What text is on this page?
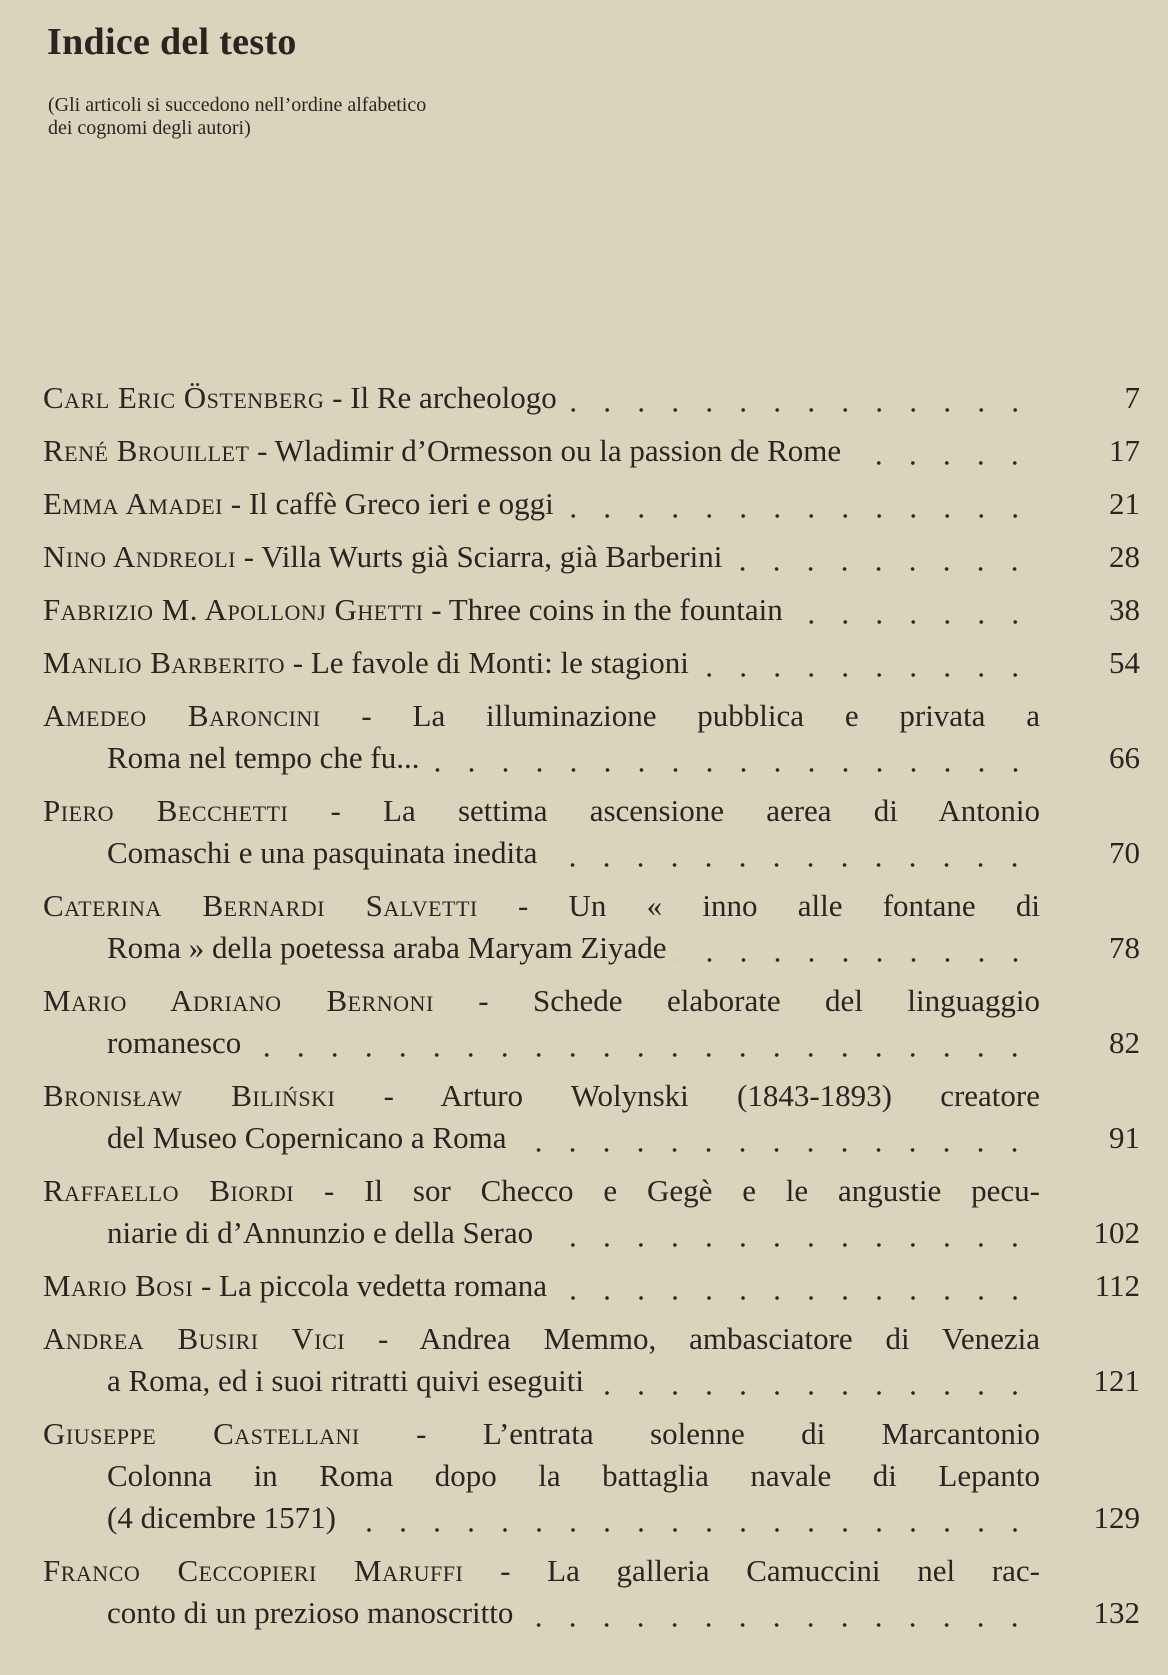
Indice del testo
(Gli articoli si succedono nell’ordine alfabetico
dei cognomi degli autori)
Carl Eric Östenberg - Il Re archeologo	7
René Brouillet - Wladimir d’Ormesson ou la passion de Rome	17
Emma Amadei - Il caffè Greco ieri e oggi	21
Nino Andreoli - Villa Wurts già Sciarra, già Barberini	28
Fabrizio M. Apollonj Ghetti - Three coins in the fountain	38
Manlio Barberito - Le favole di Monti: le stagioni	54
Amedeo Baroncini - La illuminazione pubblica e privata a
Roma nel tempo che fu...	66
Piero Becchetti - La settima ascensione aerea di Antonio
Comaschi e una pasquinata inedita	70
Caterina Bernardi Salvetti - Un « inno alle fontane di
Roma » della poetessa araba Maryam Ziyade	78
Mario Adriano Bernoni - Schede elaborate del linguaggio
romanesco	82
Bronisław Biliński - Arturo Wolynski (1843-1893) creatore
del Museo Copernicano a Roma	91
Raffaello Biordi - Il sor Checco e Gegè e le angustie pecu-
niarie di d’Annunzio e della Serao	102
Mario Bosi - La piccola vedetta romana	112
Andrea Busiri Vici - Andrea Memmo, ambasciatore di Venezia
a Roma, ed i suoi ritratti quivi eseguiti	121
Giuseppe Castellani - L’entrata solenne di Marcantonio
Colonna in Roma dopo la battaglia navale di Lepanto
(4 dicembre 1571)	129
Franco Ceccopieri Maruffi - La galleria Camuccini nel rac-
conto di un prezioso manoscritto	132
